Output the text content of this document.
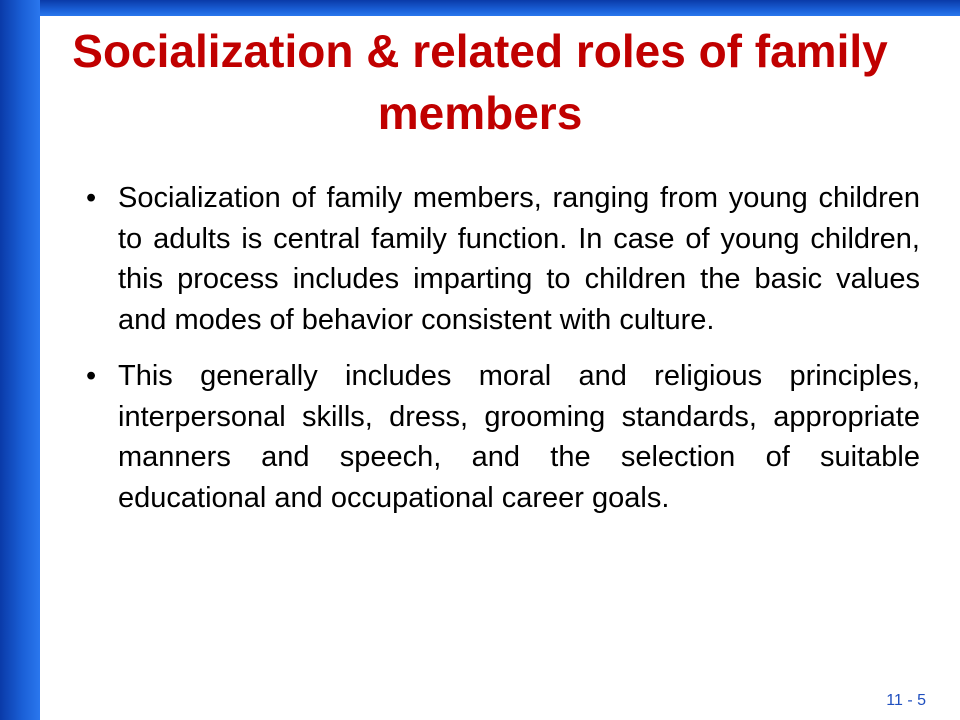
Socialization & related roles of family members
• Socialization of family members, ranging from young children to adults is central family function. In case of young children, this process includes imparting to children the basic values and modes of behavior consistent with culture.
• This generally includes moral and religious principles, interpersonal skills, dress, grooming standards, appropriate manners and speech, and the selection of suitable educational and occupational career goals.
11 - 5
